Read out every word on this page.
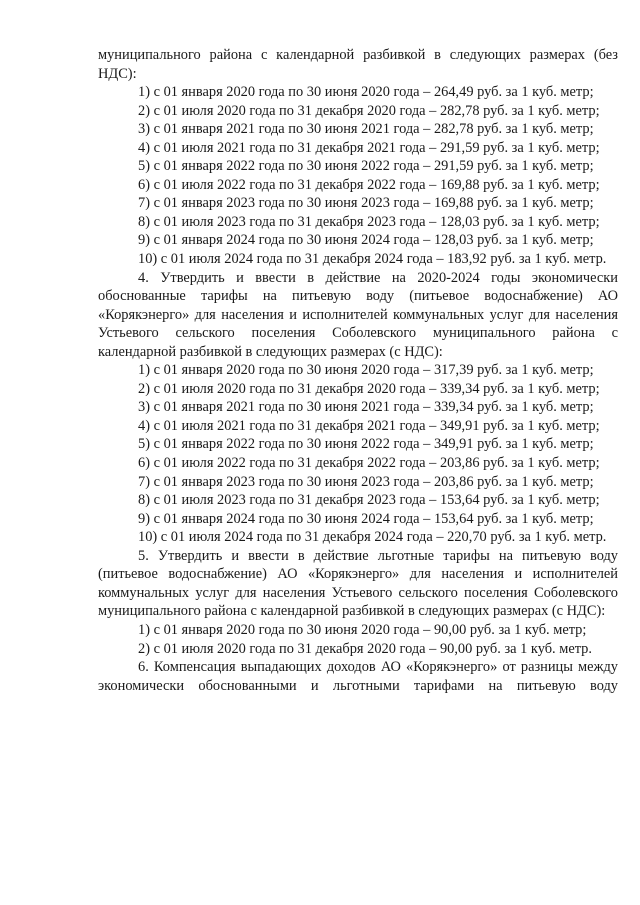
муниципального района с календарной разбивкой в следующих размерах (без НДС):

1) с 01 января 2020 года по 30 июня 2020 года – 264,49 руб. за 1 куб. метр;

2) с 01 июля 2020 года по 31 декабря 2020 года – 282,78 руб. за 1 куб. метр;

3) с 01 января 2021 года по 30 июня 2021 года – 282,78 руб. за 1 куб. метр;

4) с 01 июля 2021 года по 31 декабря 2021 года – 291,59 руб. за 1 куб. метр;

5) с 01 января 2022 года по 30 июня 2022 года – 291,59 руб. за 1 куб. метр;

6) с 01 июля 2022 года по 31 декабря 2022 года – 169,88 руб. за 1 куб. метр;

7) с 01 января 2023 года по 30 июня 2023 года – 169,88 руб. за 1 куб. метр;

8) с 01 июля 2023 года по 31 декабря 2023 года – 128,03 руб. за 1 куб. метр;

9) с 01 января 2024 года по 30 июня 2024 года – 128,03 руб. за 1 куб. метр;

10) с 01 июля 2024 года по 31 декабря 2024 года – 183,92 руб. за 1 куб. метр.

4. Утвердить и ввести в действие на 2020-2024 годы экономически обоснованные тарифы на питьевую воду (питьевое водоснабжение) АО «Корякэнерго» для населения и исполнителей коммунальных услуг для населения Устьевого сельского поселения Соболевского муниципального района с календарной разбивкой в следующих размерах (с НДС):

1) с 01 января 2020 года по 30 июня 2020 года – 317,39 руб. за 1 куб. метр;

2) с 01 июля 2020 года по 31 декабря 2020 года – 339,34 руб. за 1 куб. метр;

3) с 01 января 2021 года по 30 июня 2021 года – 339,34 руб. за 1 куб. метр;

4) с 01 июля 2021 года по 31 декабря 2021 года – 349,91 руб. за 1 куб. метр;

5) с 01 января 2022 года по 30 июня 2022 года – 349,91 руб. за 1 куб. метр;

6) с 01 июля 2022 года по 31 декабря 2022 года – 203,86 руб. за 1 куб. метр;

7) с 01 января 2023 года по 30 июня 2023 года – 203,86 руб. за 1 куб. метр;

8) с 01 июля 2023 года по 31 декабря 2023 года – 153,64 руб. за 1 куб. метр;

9) с 01 января 2024 года по 30 июня 2024 года – 153,64 руб. за 1 куб. метр;

10) с 01 июля 2024 года по 31 декабря 2024 года – 220,70 руб. за 1 куб. метр.

5. Утвердить и ввести в действие льготные тарифы на питьевую воду (питьевое водоснабжение) АО «Корякэнерго» для населения и исполнителей коммунальных услуг для населения Устьевого сельского поселения Соболевского муниципального района с календарной разбивкой в следующих размерах (с НДС):

1) с 01 января 2020 года по 30 июня 2020 года – 90,00 руб. за 1 куб. метр;

2) с 01 июля 2020 года по 31 декабря 2020 года – 90,00 руб. за 1 куб. метр.

6. Компенсация выпадающих доходов АО «Корякэнерго» от разницы между экономически обоснованными и льготными тарифами на питьевую воду
